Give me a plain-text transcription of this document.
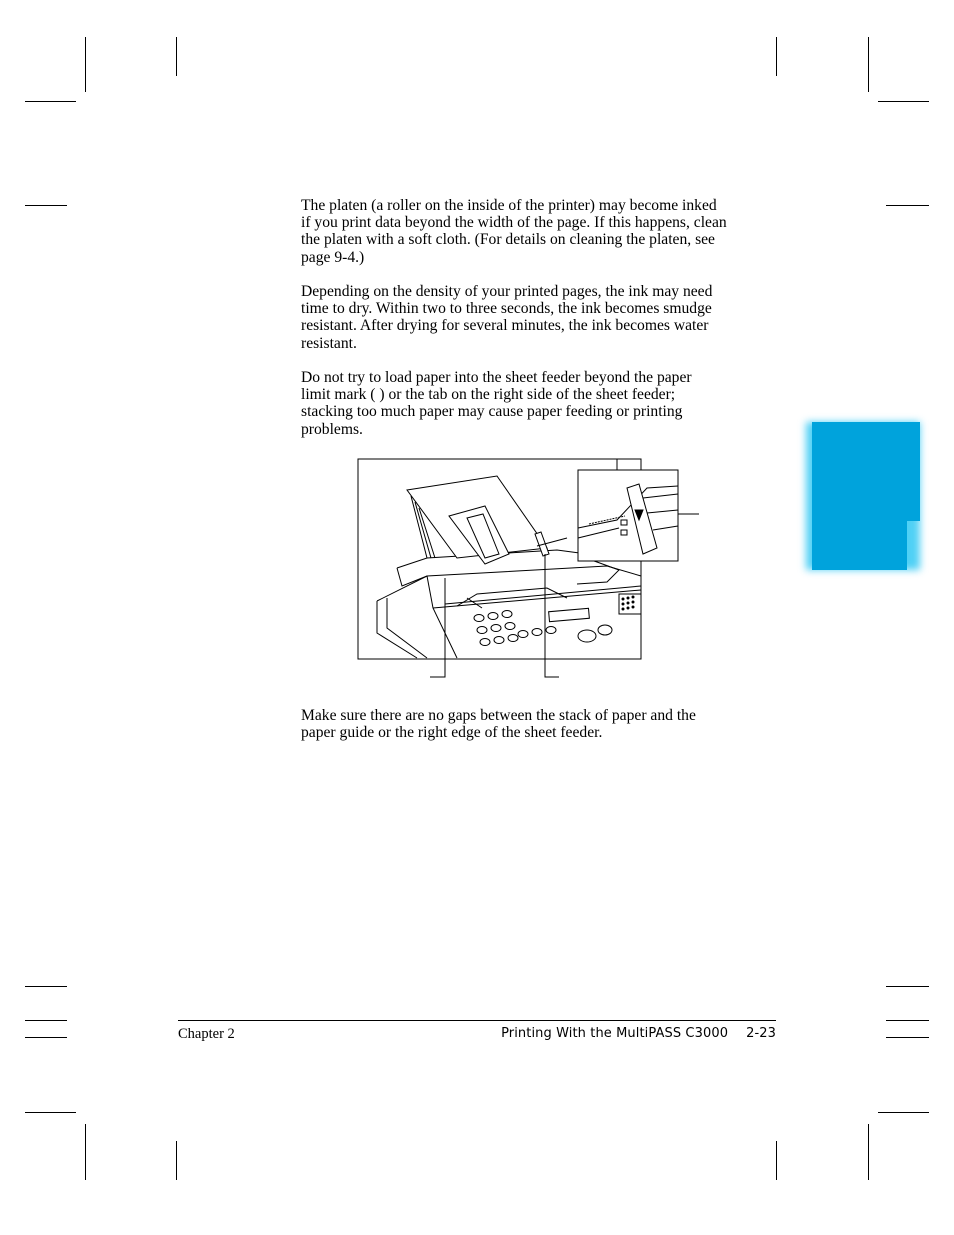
The platen (a roller on the inside of the printer) may become inked
if you print data beyond the width of the page. If this happens, clean
the platen with a soft cloth. (For details on cleaning the platen, see
page 9-4.)

Depending on the density of your printed pages, the ink may need
time to dry. Within two to three seconds, the ink becomes smudge
resistant. After drying for several minutes, the ink becomes water
resistant.

Do not try to load paper into the sheet feeder beyond the paper
limit mark ( ) or the tab on the right side of the sheet feeder;
stacking too much paper may cause paper feeding or printing
problems.

Make sure there are no gaps between the stack of paper and the
paper guide or the right edge of the sheet feeder.

Chapter 2	Printing With the MultiPASS C3000 2-23
